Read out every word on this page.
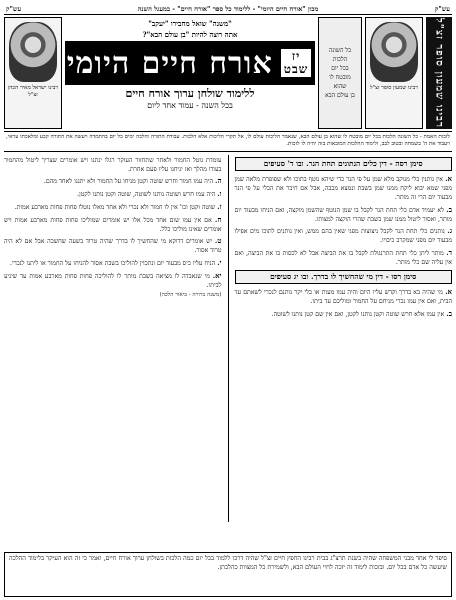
עש"ק
מכון "אורח חיים היומי" - ללימוד כל ספר "אורח חיים" - במעגל השנה
עש"ק
רבינו שמעון סופר זצ"ל
רבינו שמעון סופר זצ"ל
כל השונה
הלכות
בכל יום
מובטח לו
שהוא
בן עולם הבא
"משנה" שואל מחבירו "יעקב"
אתה רוצה להיות "בן עולם הבא"?
יז
שבט
אורח חיים היומי
ללימוד שולחן ערוך אורח חיים
בכל השנה - עמוד אחד ליום
רבינו ישראל מאיר הכהן זצ"ל
לזכות האמת - כל השונה הלכות בכל יום מובטח לו שהוא בן עולם הבא, שנאמר הליכות עולם לו, אל תקרי הליכות אלא הלכות. עבודת התורה והלכה ימים כל יום בהתמדה ויעשה את התורה קבע ומלאכתו עראי, ויעבוד את ה' בשמחה ובטוב לבב, ולימוד ההלכות המובאות בזה יהיה לו לזכות.
סימן רסה - דין כלים הנתונים תחת הנר. ובו ד' סעיפים
א. אין נותנין כלי מנוקב מלא שמן על פי הנר כדי שיהא נוטף בתוכו ולא שפופרת מלאה שמן מפני שמא יבוא ליקח ממנו שמן בשבת ונמצא מכבה, אבל אם חיבר את הכלי על פי הנר מבעוד יום הרי זה מותר.
ב. לא יעמיד אדם כלי תחת הנר לקבל בו שמן הנוטף שהשמן מוקצה, ואם הניחו מבעוד יום מותר, ואסור ליטול ממנו שמן בשבת שהרי הוקצה למצותו.
ג. נותנים כלי תחת הנר לקבל ניצוצות מפני שאין בהם ממש, ואין נותנים לתוכו מים אפילו מבעוד יום מפני שמקרב כיבויו.
ד. מותר ליתן כלי תחת התרנגולת לקבל בו את הביצה אבל לא לכסות בו את הביצה, ואם אין עליה שם כלי מותר.
סימן רסו - דין מי שהחשיך לו בדרך. ובו יג סעיפים
א. מי שהיה בא בדרך וקדש עליו היום והיה עמו מעות או כלי יקר נותנם לנכרי לשאתם עד הבית, ואם אין עמו נכרי מניחם על החמור ומוליכם עד ביתו.
ב. אין עמו אלא חרש שוטה וקטן נותנו לקטן, ואם אין שם קטן נותנו לשוטה.
עומדת נוטל החמור ולאחר שתחזור העוקר רגלו ינתנו ויש אומרים שצריך ליטול מהחמור בעודו מהלך ואז יניחנו עליו פעם אחרת.
ה. היה עמו חמור וחרש שוטה וקטן מניחו על החמור ולא יתננו לאחד מהם.
ו. היה עמו חרש ושוטה נותנו לשוטה, שוטה וקטן נותנו לקטן.
ז. שוטה וקטן וכו' אין לו חמור ולא נכרי ולא אחד מאלו נוטלו פחות פחות מארבע אמות.
ח. אם אין עמו שום אחד מכל אלו יש אומרים שמוליכו פחות פחות מארבע אמות ויש אומרים שאינו מוליכו כלל.
ט. יש אומרים דדוקא מי שהחשיך לו בדרך שהיה טרוד בשעה שחשכה אבל אם לא היה טרוד אסור.
י. הניח עליו כיס מבעוד יום ונתכוין להוליכו בשבת אסור להניחו על החמור או ליתנו לנכרי.
יא. מי שנאבדה לו מציאה בשבת מותר לו להוליכה פחות פחות מארבע אמות עד שיגיע לביתו.
(משנה ברורה - ביאור הלכה)
סיפר לי אחד מבני המשפחה שהיה בשנת תרצ"ג בבית רבינו החפץ חיים זצ"ל שהיה דרכו ללמוד בכל יום כמה הלכות בשולחן ערוך אורח חיים, ואמר כי זה הוא העיקר בלימוד ההלכה שיעשה כל אדם בכל יום. ובזכות לימוד זה יזכה לחיי העולם הבא, ולשמירת כל המצוות כהלכתן.
